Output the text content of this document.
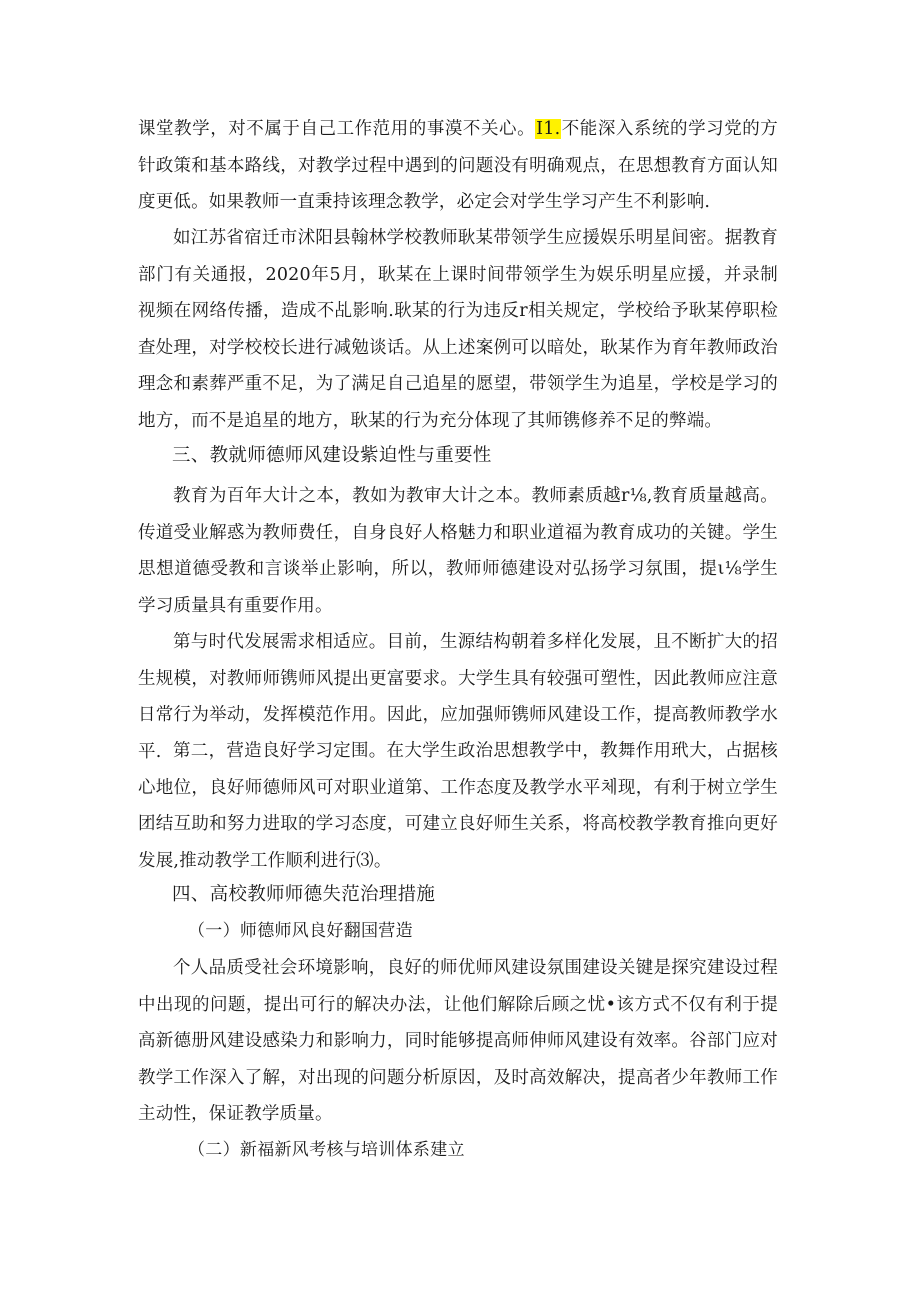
课堂教学，对不属于自己工作范用的事漠不关心。I1.不能深入系统的学习党的方针政策和基本路线，对教学过程中遇到的问题没有明确观点，在思想教育方面认知度更低。如果教师一直秉持该理念教学，必定会对学生学习产生不利影响.

如江苏省宿迁市沭阳县翰林学校教师耿某带领学生应援娱乐明星间密。据教育部门有关通报，2020年5月，耿某在上课时间带领学生为娱乐明星应援，并录制视频在网络传播，造成不乩影响.耿某的行为违反r相关规定，学校给予耿某停职检查处理，对学校校长进行减勉谈话。从上述案例可以暗处，耿某作为育年教师政治理念和素葬严重不足，为了满足自己追星的愿望，带领学生为追星，学校是学习的地方，而不是追星的地方，耿某的行为充分体现了其师镌修养不足的弊端。

三、教就师德师风建设紫迫性与重要性

教育为百年大计之本，教如为教审大计之本。教师素质越r⅛,教育质量越高。传道受业解惑为教师费任，自身良好人格魅力和职业道福为教育成功的关键。学生思想道德受教和言谈举止影响，所以，教师师德建设对弘扬学习氛围，提ι⅛学生学习质量具有重要作用。

第与时代发展需求相适应。目前，生源结构朝着多样化发展，且不断扩大的招生规模，对教师师镌师风提出更富要求。大学生具有较强可塑性，因此教师应注意日常行为举动，发挥模范作用。因此，应加强师镌师风建设工作，提高教师教学水平. 第二，营造良好学习定围。在大学生政治思想教学中，教舞作用玳大，占据核心地位，良好师德师风可对职业道第、工作态度及教学水平체现，有利于树立学生团结互助和努力进取的学习态度，可建立良好师生关系，将高校教学教育推向更好发展,推动教学工作顺利进行⑶。

四、高校教师师德失范治理措施

（一）师德师风良好翻国营造

个人品质受社会环境影响，良好的师优师风建设氛围建设关键是探究建设过程中出现的问题，提出可行的解决办法，让他们解除后顾之忧•该方式不仅有利于提高新德册风建设感染力和影响力，同时能够提高师伸师风建设有效率。谷部门应对教学工作深入了解，对出现的问题分析原因，及时高效解决，提高者少年教师工作主动性，保证教学质量。

（二）新福新风考核与培训体系建立
